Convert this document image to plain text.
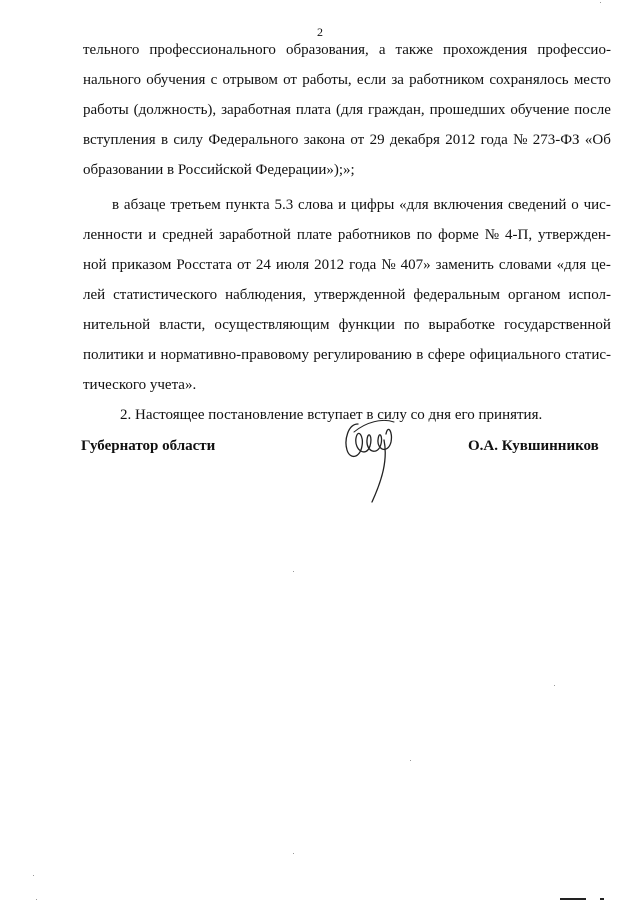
2
тельного профессионального образования, а также прохождения профессио-
нального обучения с отрывом от работы, если за работником сохранялось место
работы (должность), заработная плата (для граждан, прошедших обучение после
вступления в силу Федерального закона от 29 декабря 2012 года № 273-ФЗ «Об
образовании в Российской Федерации»);»;
в абзаце третьем пункта 5.3 слова и цифры «для включения сведений о чис-
ленности и средней заработной плате работников по форме № 4-П, утвержден-
ной приказом Росстата от 24 июля 2012 года № 407» заменить словами «для це-
лей статистического наблюдения, утвержденной федеральным органом испол-
нительной власти, осуществляющим функции по выработке государственной
политики и нормативно-правовому регулированию в сфере официального статис-
тического учета».
2. Настоящее постановление вступает в силу со дня его принятия.
Губернатор области	О.А. Кувшинников
